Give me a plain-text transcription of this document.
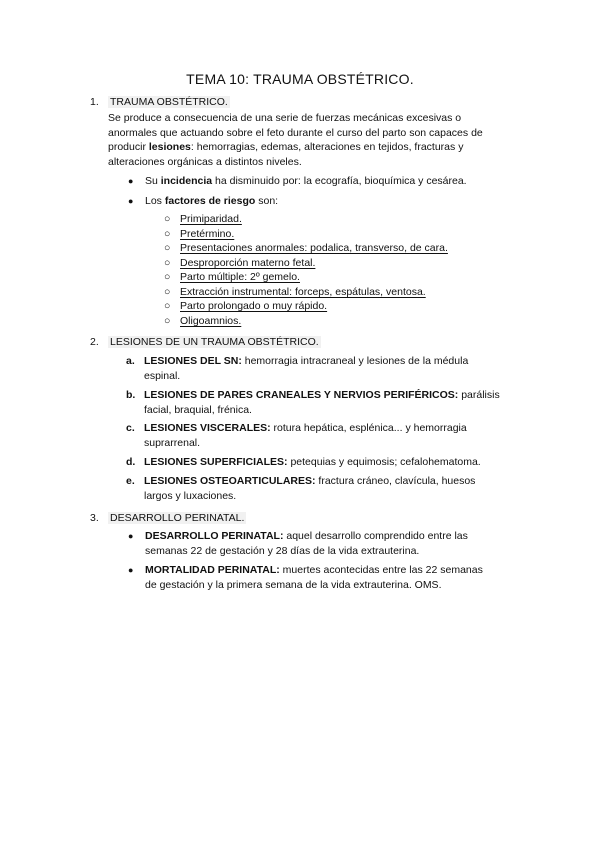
TEMA 10: TRAUMA OBSTÉTRICO.
1. TRAUMA OBSTÉTRICO.
Se produce a consecuencia de una serie de fuerzas mecánicas excesivas o anormales que actuando sobre el feto durante el curso del parto son capaces de producir lesiones: hemorragias, edemas, alteraciones en tejidos, fracturas y alteraciones orgánicas a distintos niveles.
● Su incidencia ha disminuido por: la ecografía, bioquímica y cesárea.
● Los factores de riesgo son:
○ Primiparidad.
○ Pretérmino.
○ Presentaciones anormales: podalica, transverso, de cara.
○ Desproporción materno fetal.
○ Parto múltiple: 2º gemelo.
○ Extracción instrumental: forceps, espátulas, ventosa.
○ Parto prolongado o muy rápido.
○ Oligoamnios.
2. LESIONES DE UN TRAUMA OBSTÉTRICO.
a. LESIONES DEL SN: hemorragia intracraneal y lesiones de la médula espinal.
b. LESIONES DE PARES CRANEALES Y NERVIOS PERIFÉRICOS: parálisis facial, braquial, frénica.
c. LESIONES VISCERALES: rotura hepática, esplénica... y hemorragia suprarrenal.
d. LESIONES SUPERFICIALES: petequias y equimosis; cefalohematoma.
e. LESIONES OSTEOARTICULARES: fractura cráneo, clavícula, huesos largos y luxaciones.
3. DESARROLLO PERINATAL.
● DESARROLLO PERINATAL: aquel desarrollo comprendido entre las semanas 22 de gestación y 28 días de la vida extrauterina.
● MORTALIDAD PERINATAL: muertes acontecidas entre las 22 semanas de gestación y la primera semana de la vida extrauterina. OMS.
